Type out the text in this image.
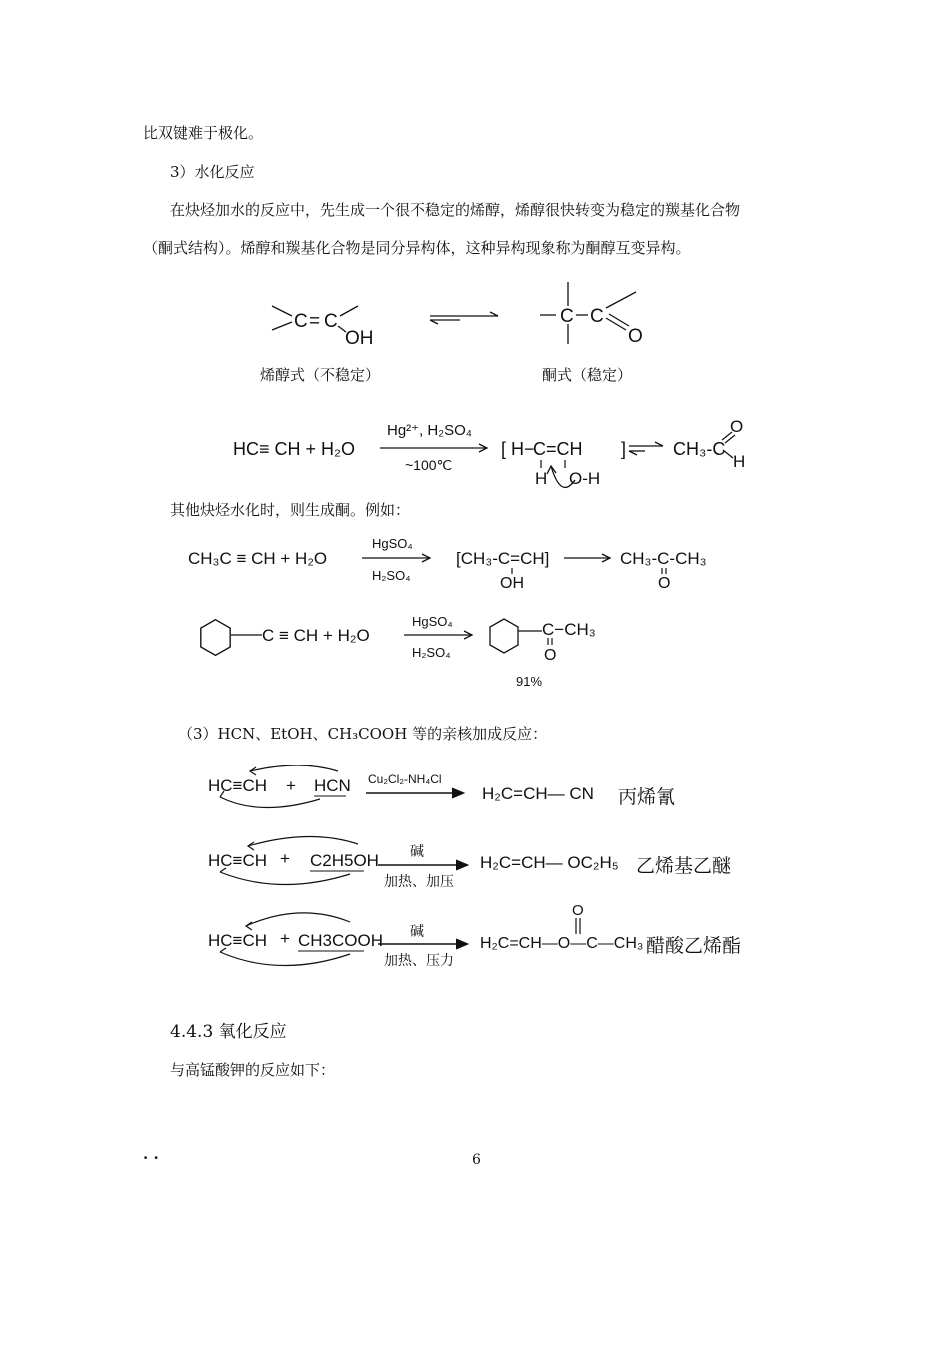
比双键难于极化。
3）水化反应
在炔烃加水的反应中，先生成一个很不稳定的烯醇，烯醇很快转变为稳定的羰基化合物
（酮式结构）。烯醇和羰基化合物是同分异构体，这种异构现象称为酮醇互变异构。
C = C
OH
C C
O
烯醇式（不稳定）	酮式（稳定）
HC≡ CH + H₂O
Hg²⁺, H₂SO₄
~100℃
[ H−
C=CH
H O-H
]	CH₃-C
O
H
其他炔烃水化时，则生成酮。例如：
CH₃C ≡ CH + H₂O
HgSO₄
H₂SO₄
[CH₃-C=CH]
OH
CH₃-C-CH₃
O
C ≡ CH + H₂O
HgSO₄
H₂SO₄
C−CH₃
O
91%
（3）HCN、EtOH、CH₃COOH 等的亲核加成反应：
HC≡CH + HCN Cu₂Cl₂-NH₄Cl
H₂C=CH— CN 丙烯氰
HC≡CH + C2H5OH 碱
加热、加压
H₂C=CH— OC₂H₅ 乙烯基乙醚
HC≡CH + CH3COOH 碱
加热、压力
H₂C=CH—O—C—CH₃
O
醋酸乙烯酯
4.4.3 氧化反应
与高锰酸钾的反应如下：
· ·	6
